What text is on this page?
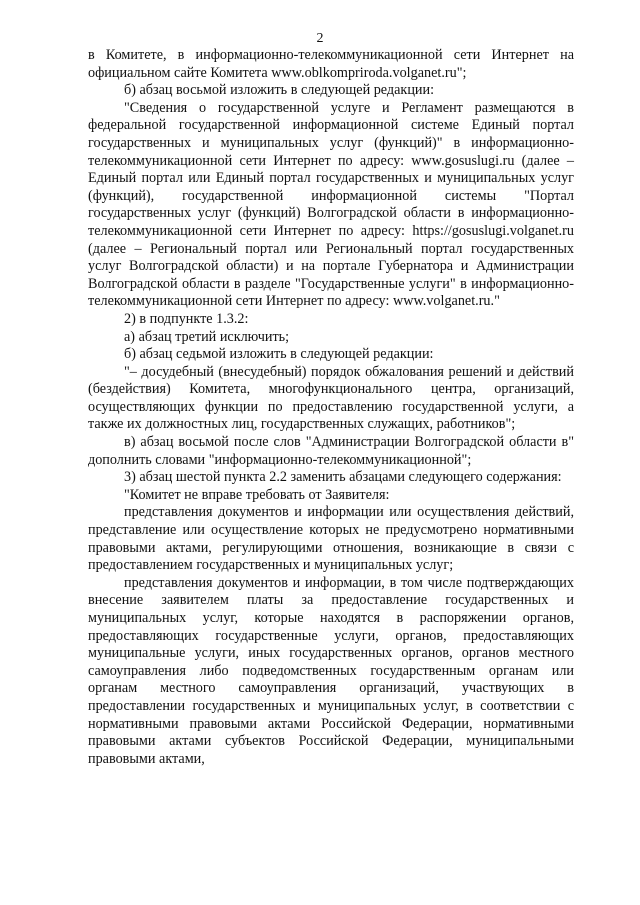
2

в Комитете, в информационно-телекоммуникационной сети Интернет на официальном сайте Комитета www.oblkompriroda.volganet.ru";

б) абзац восьмой изложить в следующей редакции:

"Сведения о государственной услуге и Регламент размещаются в федеральной государственной информационной системе Единый портал государственных и муниципальных услуг (функций)" в информационно-телекоммуникационной сети Интернет по адресу: www.gosuslugi.ru (далее – Единый портал или Единый портал государственных и муниципальных услуг (функций), государственной информационной системы "Портал государственных услуг (функций) Волгоградской области в информационно-телекоммуникационной сети Интернет по адресу: https://gosuslugi.volganet.ru (далее – Региональный портал или Региональный портал государственных услуг Волгоградской области) и на портале Губернатора и Администрации Волгоградской области в разделе "Государственные услуги" в информационно-телекоммуникационной сети Интернет по адресу: www.volganet.ru."

2) в подпункте 1.3.2:

а) абзац третий исключить;

б) абзац седьмой изложить в следующей редакции:

"– досудебный (внесудебный) порядок обжалования решений и действий (бездействия) Комитета, многофункционального центра, организаций, осуществляющих функции по предоставлению государственной услуги, а также их должностных лиц, государственных служащих, работников";

в) абзац восьмой после слов "Администрации Волгоградской области в" дополнить словами "информационно-телекоммуникационной";

3) абзац шестой пункта 2.2 заменить абзацами следующего содержания:

"Комитет не вправе требовать от Заявителя:

представления документов и информации или осуществления действий, представление или осуществление которых не предусмотрено нормативными правовыми актами, регулирующими отношения, возникающие в связи с предоставлением государственных и муниципальных услуг;

представления документов и информации, в том числе подтверждающих внесение заявителем платы за предоставление государственных и муниципальных услуг, которые находятся в распоряжении органов, предоставляющих государственные услуги, органов, предоставляющих муниципальные услуги, иных государственных органов, органов местного самоуправления либо подведомственных государственным органам или органам местного самоуправления организаций, участвующих в предоставлении государственных и муниципальных услуг, в соответствии с нормативными правовыми актами Российской Федерации, нормативными правовыми актами субъектов Российской Федерации, муниципальными правовыми актами,
